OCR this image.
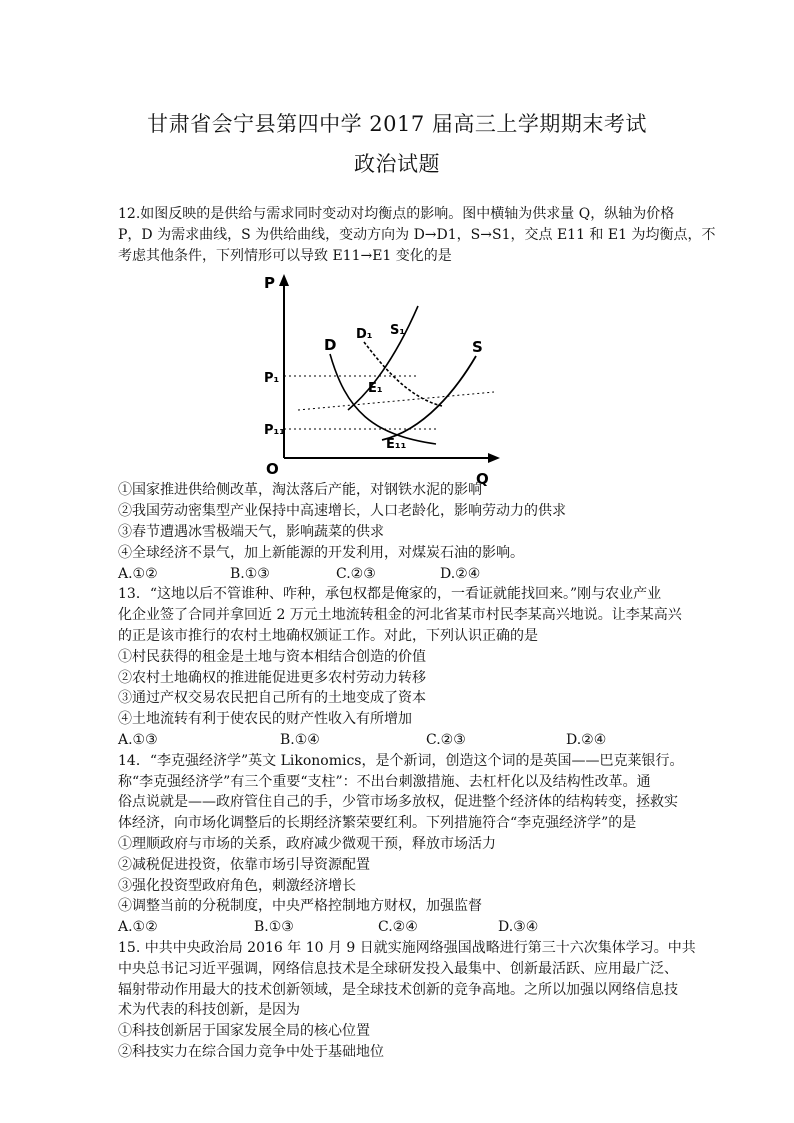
甘肃省会宁县第四中学 2017 届高三上学期期末考试
政治试题
12.如图反映的是供给与需求同时变动对均衡点的影响。图中横轴为供求量 Q，纵轴为价格
P，D 为需求曲线，S 为供给曲线，变动方向为 D→D1，S→S1，交点 E11 和 E1 为均衡点，不
考虑其他条件，下列情形可以导致 E11→E1 变化的是
P
Q
O
P₁
P₁₁
D
D₁ S₁
S
E₁
E₁₁
①国家推进供给侧改革，淘汰落后产能，对钢铁水泥的影响
②我国劳动密集型产业保持中高速增长，人口老龄化，影响劳动力的供求
③春节遭遇冰雪极端天气，影响蔬菜的供求
④全球经济不景气，加上新能源的开发利用，对煤炭石油的影响。
A.①②	B.①③	C.②③	D.②④
13．“这地以后不管谁种、咋种，承包权都是俺家的，一看证就能找回来。”刚与农业产业
化企业签了合同并拿回近 2 万元土地流转租金的河北省某市村民李某高兴地说。让李某高兴
的正是该市推行的农村土地确权颁证工作。对此，下列认识正确的是
①村民获得的租金是土地与资本相结合创造的价值
②农村土地确权的推进能促进更多农村劳动力转移
③通过产权交易农民把自己所有的土地变成了资本
④土地流转有利于使农民的财产性收入有所增加
A.①③	B.①④	C.②③	D.②④
14．“李克强经济学”英文 Likonomics，是个新词，创造这个词的是英国——巴克莱银行。
称“李克强经济学”有三个重要“支柱”：不出台刺激措施、去杠杆化以及结构性改革。通
俗点说就是——政府管住自己的手，少管市场多放权，促进整个经济体的结构转变，拯救实
体经济，向市场化调整后的长期经济繁荣要红利。下列措施符合“李克强经济学”的是
①理顺政府与市场的关系，政府减少微观干预，释放市场活力
②减税促进投资，依靠市场引导资源配置
③强化投资型政府角色，刺激经济增长
④调整当前的分税制度，中央严格控制地方财权，加强监督
A.①②	B.①③	C.②④	D.③④
15. 中共中央政治局 2016 年 10 月 9 日就实施网络强国战略进行第三十六次集体学习。中共
中央总书记习近平强调，网络信息技术是全球研发投入最集中、创新最活跃、应用最广泛、
辐射带动作用最大的技术创新领域，是全球技术创新的竞争高地。之所以加强以网络信息技
术为代表的科技创新，是因为
①科技创新居于国家发展全局的核心位置
②科技实力在综合国力竞争中处于基础地位
